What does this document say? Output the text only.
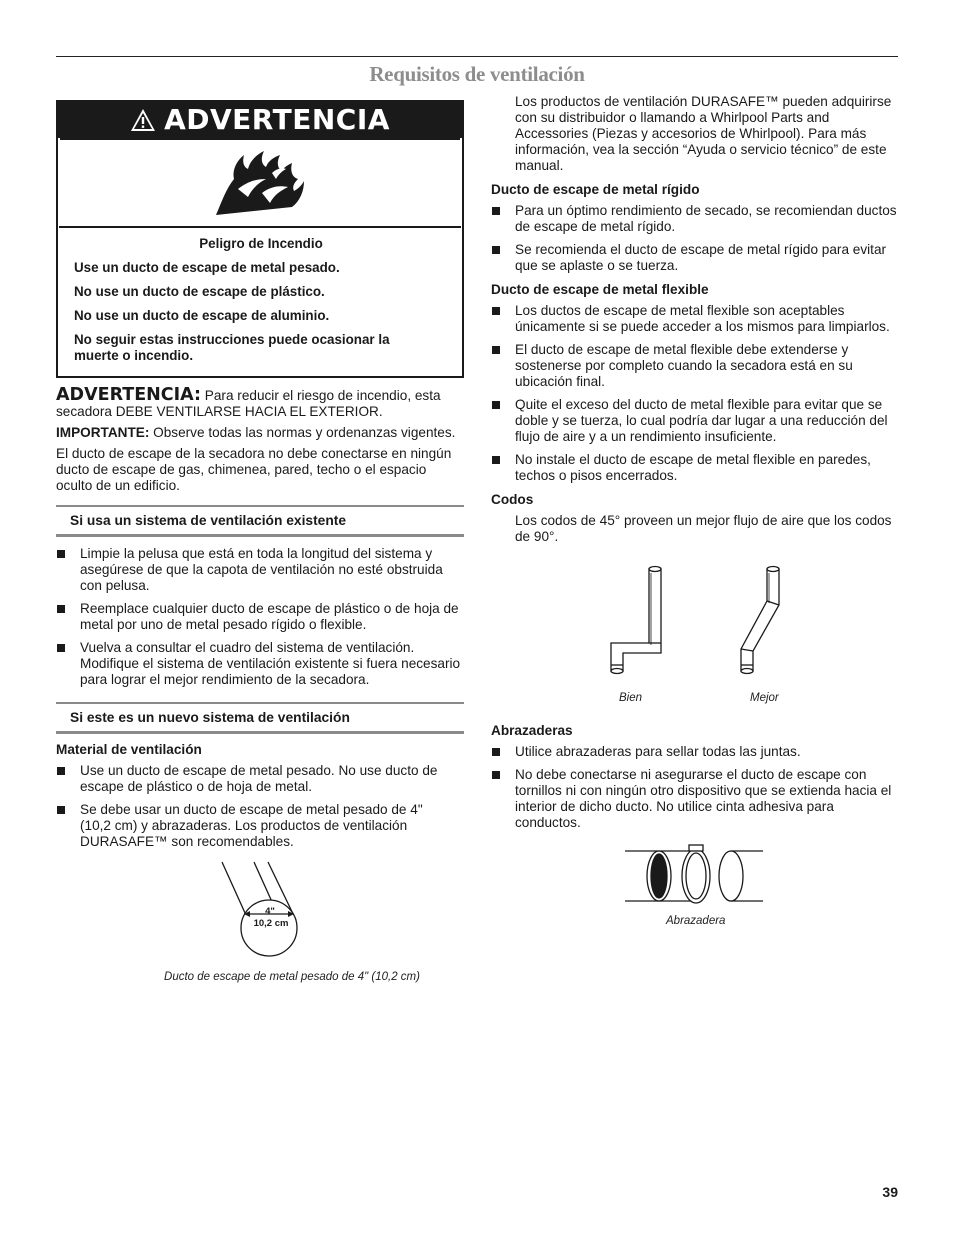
Requisitos de ventilación
ADVERTENCIA

Peligro de Incendio

Use un ducto de escape de metal pesado.

No use un ducto de escape de plástico.

No use un ducto de escape de aluminio.

No seguir estas instrucciones puede ocasionar la muerte o incendio.

ADVERTENCIA: Para reducir el riesgo de incendio, esta secadora DEBE VENTILARSE HACIA EL EXTERIOR.

IMPORTANTE: Observe todas las normas y ordenanzas vigentes.

El ducto de escape de la secadora no debe conectarse en ningún ducto de escape de gas, chimenea, pared, techo o el espacio oculto de un edificio.

Si usa un sistema de ventilación existente
Limpie la pelusa que está en toda la longitud del sistema y asegúrese de que la capota de ventilación no esté obstruida con pelusa.
Reemplace cualquier ducto de escape de plástico o de hoja de metal por uno de metal pesado rígido o flexible.
Vuelva a consultar el cuadro del sistema de ventilación. Modifique el sistema de ventilación existente si fuera necesario para lograr el mejor rendimiento de la secadora.
Si este es un nuevo sistema de ventilación

Material de ventilación

Use un ducto de escape de metal pesado. No use ducto de escape de plástico o de hoja de metal.
Se debe usar un ducto de escape de metal pesado de 4" (10,2 cm) y abrazaderas. Los productos de ventilación DURASAFE™ son recomendables.
4"
10,2 cm

Ducto de escape de metal pesado de 4" (10,2 cm)

Los productos de ventilación DURASAFE™ pueden adquirirse con su distribuidor o llamando a Whirlpool Parts and Accessories (Piezas y accesorios de Whirlpool). Para más información, vea la sección “Ayuda o servicio técnico” de este manual.

Ducto de escape de metal rígido

Para un óptimo rendimiento de secado, se recomiendan ductos de escape de metal rígido.
Se recomienda el ducto de escape de metal rígido para evitar que se aplaste o se tuerza.

Ducto de escape de metal flexible

Los ductos de escape de metal flexible son aceptables únicamente si se puede acceder a los mismos para limpiarlos.
El ducto de escape de metal flexible debe extenderse y sostenerse por completo cuando la secadora está en su ubicación final.
Quite el exceso del ducto de metal flexible para evitar que se doble y se tuerza, lo cual podría dar lugar a una reducción del flujo de aire y a un rendimiento insuficiente.
No instale el ducto de escape de metal flexible en paredes, techos o pisos encerrados.

Codos

Los codos de 45° proveen un mejor flujo de aire que los codos de 90°.

Bien	Mejor

Abrazaderas

Utilice abrazaderas para sellar todas las juntas.
No debe conectarse ni asegurarse el ducto de escape con tornillos ni con ningún otro dispositivo que se extienda hacia el interior de dicho ducto. No utilice cinta adhesiva para conductos.
Abrazadera
39
